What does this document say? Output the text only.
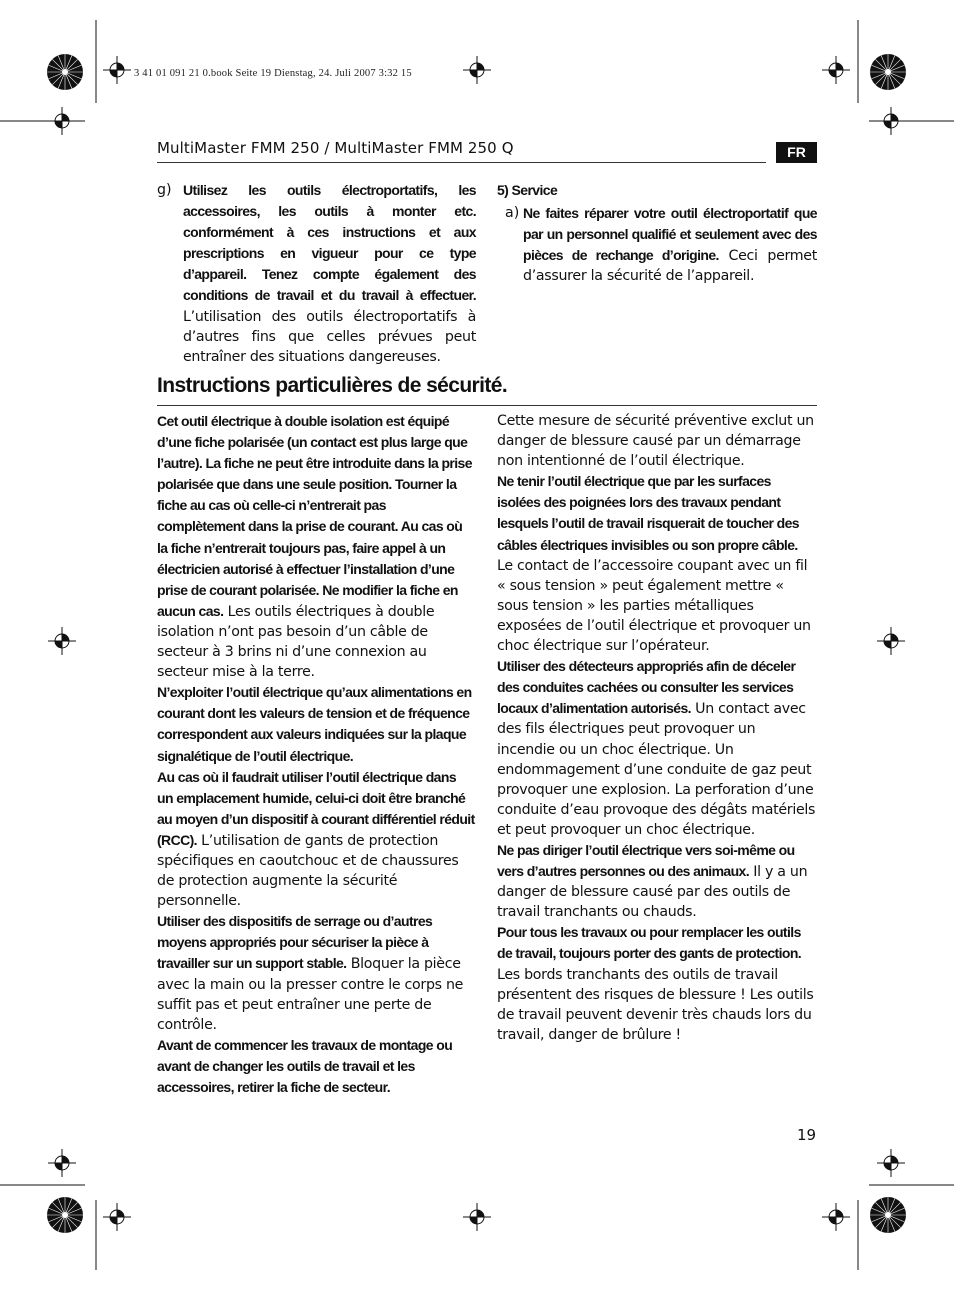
3 41 01 091 21 0.book Seite 19 Dienstag, 24. Juli 2007 3:32 15
MultiMaster FMM 250 / MultiMaster FMM 250 Q	FR
g) Utilisez les outils électroportatifs, les accessoires, les outils à monter etc. conformément à ces instructions et aux prescriptions en vigueur pour ce type d’appareil. Tenez compte également des conditions de travail et du travail à effectuer. L’utilisation des outils électroportatifs à d’autres fins que celles prévues peut entraîner des situations dangereuses.

5) Service

a) Ne faites réparer votre outil électroportatif que par un personnel qualifié et seulement avec des pièces de rechange d’origine. Ceci permet d’assurer la sécurité de l’appareil.
Instructions particulières de sécurité.

Cet outil électrique à double isolation est équipé d’une fiche polarisée (un contact est plus large que l’autre). La fiche ne peut être introduite dans la prise polarisée que dans une seule position. Tourner la fiche au cas où celle-ci n’entrerait pas complètement dans la prise de courant. Au cas où la fiche n’entrerait toujours pas, faire appel à un électricien autorisé à effectuer l’installation d’une prise de courant polarisée. Ne modifier la fiche en aucun cas. Les outils électriques à double isolation n’ont pas besoin d’un câble de secteur à 3 brins ni d’une connexion au secteur mise à la terre.

N’exploiter l’outil électrique qu’aux alimentations en courant dont les valeurs de tension et de fréquence correspondent aux valeurs indiquées sur la plaque signalétique de l’outil électrique.

Au cas où il faudrait utiliser l’outil électrique dans un emplacement humide, celui-ci doit être branché au moyen d’un dispositif à courant différentiel réduit (RCC). L’utilisation de gants de protection spécifiques en caoutchouc et de chaussures de protection augmente la sécurité personnelle.

Utiliser des dispositifs de serrage ou d’autres moyens appropriés pour sécuriser la pièce à travailler sur un support stable. Bloquer la pièce avec la main ou la presser contre le corps ne suffit pas et peut entraîner une perte de contrôle.

Avant de commencer les travaux de montage ou avant de changer les outils de travail et les accessoires, retirer la fiche de secteur.

Cette mesure de sécurité préventive exclut un danger de blessure causé par un démarrage non intentionné de l’outil électrique.

Ne tenir l’outil électrique que par les surfaces isolées des poignées lors des travaux pendant lesquels l’outil de travail risquerait de toucher des câbles électriques invisibles ou son propre câble. Le contact de l’accessoire coupant avec un fil « sous tension » peut également mettre « sous tension » les parties métalliques exposées de l’outil électrique et provoquer un choc électrique sur l’opérateur.

Utiliser des détecteurs appropriés afin de déceler des conduites cachées ou consulter les services locaux d’alimentation autorisés. Un contact avec des fils électriques peut provoquer un incendie ou un choc électrique. Un endommagement d’une conduite de gaz peut provoquer une explosion. La perforation d’une conduite d’eau provoque des dégâts matériels et peut provoquer un choc électrique.

Ne pas diriger l’outil électrique vers soi-même ou vers d’autres personnes ou des animaux. Il y a un danger de blessure causé par des outils de travail tranchants ou chauds.

Pour tous les travaux ou pour remplacer les outils de travail, toujours porter des gants de protection. Les bords tranchants des outils de travail présentent des risques de blessure ! Les outils de travail peuvent devenir très chauds lors du travail, danger de brûlure !

19
